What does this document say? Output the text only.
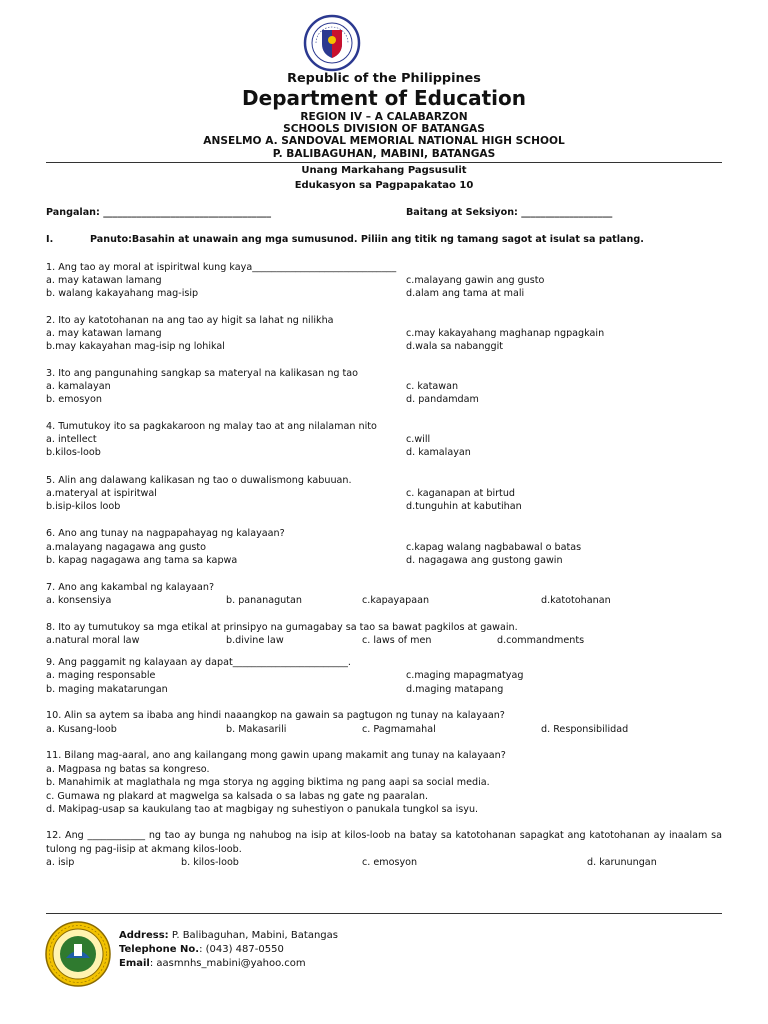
Republic of the Philippines
Department of Education
REGION IV – A CALABARZON
SCHOOLS DIVISION OF BATANGAS
ANSELMO A. SANDOVAL MEMORIAL NATIONAL HIGH SCHOOL
P. BALIBAGUHAN, MABINI, BATANGAS
Unang Markahang Pagsusulit
Edukasyon sa Pagpapakatao 10
Pangalan: ___________________________________	Baitang at Seksiyon: ___________________
I.	Panuto:Basahin at unawain ang mga sumusunod. Piliin ang titik ng tamang sagot at isulat sa patlang.
1. Ang tao ay moral at ispiritwal kung kaya______________________________
a. may katawan lamang	c.malayang gawin ang gusto
b. walang kakayahang mag-isip	d.alam ang tama at mali
2. Ito ay katotohanan na ang tao ay higit sa lahat ng nilikha
a. may katawan lamang	c.may kakayahang maghanap ngpagkain
b.may kakayahan mag-isip ng lohikal	d.wala sa nabanggit
3. Ito ang pangunahing sangkap sa materyal na kalikasan ng tao
a. kamalayan	c. katawan
b. emosyon	d. pandamdam
4. Tumutukoy ito sa pagkakaroon ng malay tao at ang nilalaman nito
a. intellect	c.will
b.kilos-loob	d. kamalayan
5. Alin ang dalawang kalikasan ng tao o duwalismong kabuuan.
a.materyal at ispiritwal	c. kaganapan at birtud
b.isip-kilos loob	d.tunguhin at kabutihan
6. Ano ang tunay na nagpapahayag ng kalayaan?
a.malayang nagagawa ang gusto	c.kapag walang nagbabawal o batas
b. kapag nagagawa ang tama sa kapwa	d. nagagawa ang gustong gawin
7. Ano ang kakambal ng kalayaan?
a. konsensiya	b. pananagutan	c.kapayapaan	d.katotohanan
8. Ito ay tumutukoy sa mga etikal at prinsipyo na gumagabay sa tao sa bawat pagkilos at gawain.
a.natural moral law	b.divine law	c. laws of men	d.commandments
9. Ang paggamit ng kalayaan ay dapat________________________.
a. maging responsable	c.maging mapagmatyag
b. maging makatarungan	d.maging matapang
10. Alin sa aytem sa ibaba ang hindi naaangkop na gawain sa pagtugon ng tunay na kalayaan?
a. Kusang-loob	b. Makasarili	c. Pagmamahal	d. Responsibilidad
11. Bilang mag-aaral, ano ang kailangang mong gawin upang makamit ang tunay na kalayaan?
a. Magpasa ng batas sa kongreso.
b. Manahimik at maglathala ng mga storya ng agging biktima ng pang aapi sa social media.
c. Gumawa ng plakard at magwelga sa kalsada o sa labas ng gate ng paaralan.
d. Makipag-usap sa kaukulang tao at magbigay ng suhestiyon o panukala tungkol sa isyu.
12. Ang ____________ ng tao ay bunga ng nahubog na isip at kilos-loob na batay sa katotohanan sapagkat ang katotohanan ay inaalam sa tulong ng pag-iisip at akmang kilos-loob.
a. isip	b. kilos-loob	c. emosyon	d. karunungan
Address: P. Balibaguhan, Mabini, Batangas
Telephone No.: (043) 487-0550
Email: aasmnhs_mabini@yahoo.com
